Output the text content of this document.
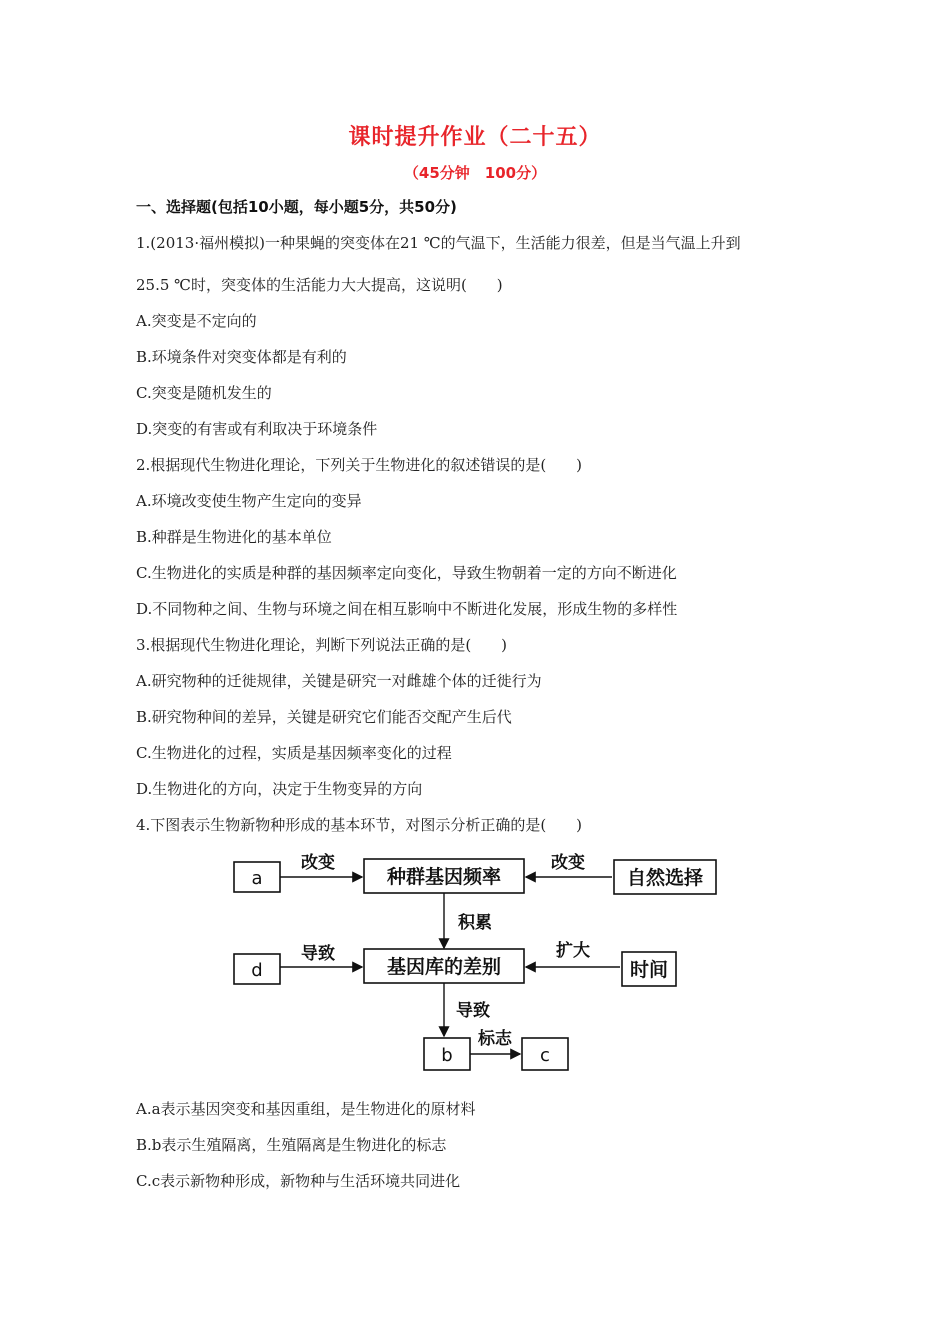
课时提升作业（二十五）
（45分钟　100分）
一、选择题(包括10小题，每小题5分，共50分)
1.(2013·福州模拟)一种果蝇的突变体在21 ℃的气温下，生活能力很差，但是当气温上升到
25.5 ℃时，突变体的生活能力大大提高，这说明(　　)
A.突变是不定向的
B.环境条件对突变体都是有利的
C.突变是随机发生的
D.突变的有害或有利取决于环境条件
2.根据现代生物进化理论，下列关于生物进化的叙述错误的是(　　)
A.环境改变使生物产生定向的变异
B.种群是生物进化的基本单位
C.生物进化的实质是种群的基因频率定向变化，导致生物朝着一定的方向不断进化
D.不同物种之间、生物与环境之间在相互影响中不断进化发展，形成生物的多样性
3.根据现代生物进化理论，判断下列说法正确的是(　　)
A.研究物种的迁徙规律，关键是研究一对雌雄个体的迁徙行为
B.研究物种间的差异，关键是研究它们能否交配产生后代
C.生物进化的过程，实质是基因频率变化的过程
D.生物进化的方向，决定于生物变异的方向
4.下图表示生物新物种形成的基本环节，对图示分析正确的是(　　)
a
改变
种群基因频率
改变
自然选择
积累
d
导致
基因库的差别
扩大
时间
导致
b
标志
c
A.a表示基因突变和基因重组，是生物进化的原材料
B.b表示生殖隔离，生殖隔离是生物进化的标志
C.c表示新物种形成，新物种与生活环境共同进化
